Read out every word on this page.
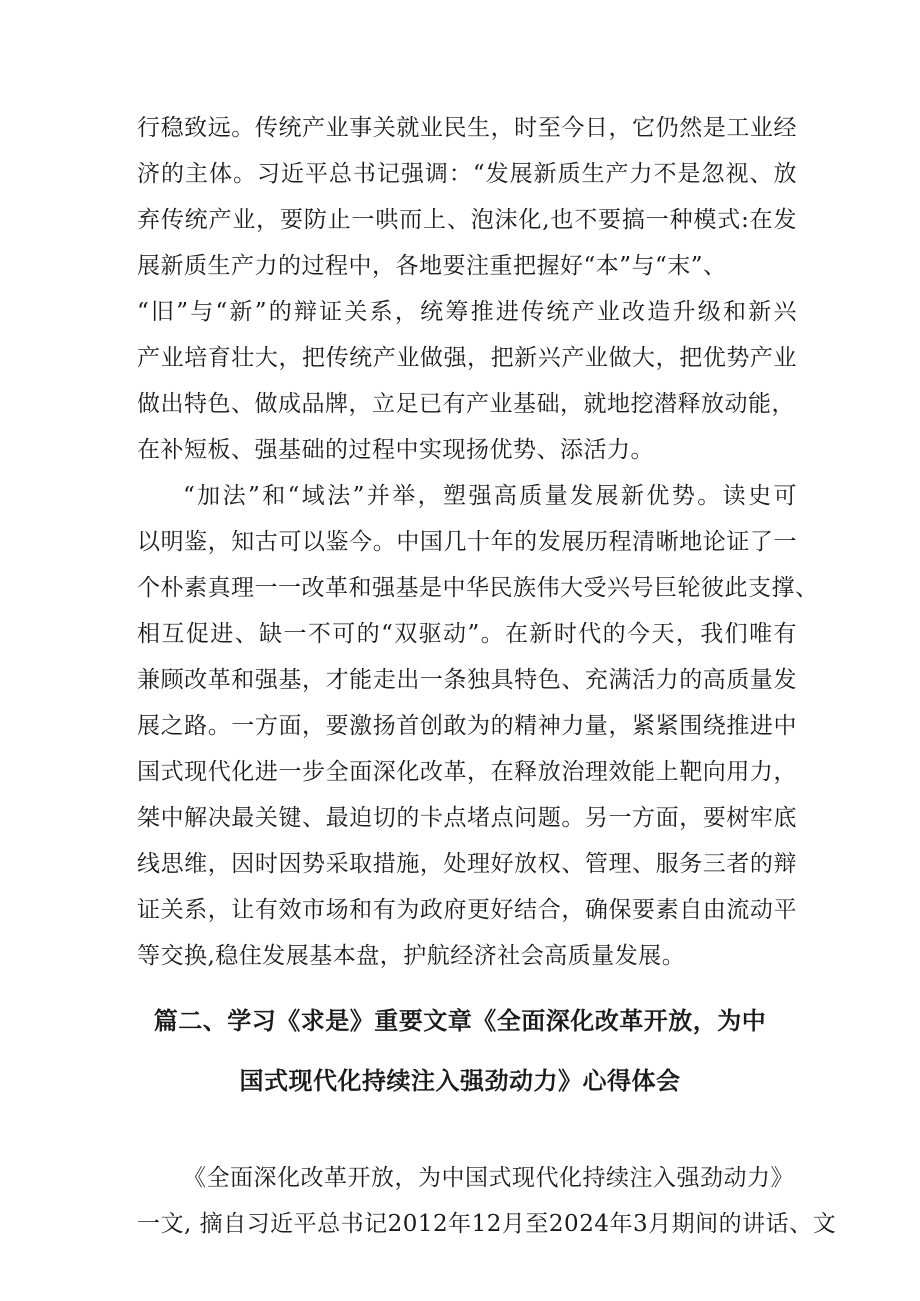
行稳致远。传统产业事关就业民生，时至今日，它仍然是工业经
济的主体。习近平总书记强调：“发展新质生产力不是忽视、放
弃传统产业，要防止一哄而上、泡沫化,也不要搞一种模式:在发
展新质生产力的过程中，各地要注重把握好“本”与“末”、
“旧”与“新”的辩证关系，统筹推进传统产业改造升级和新兴
产业培育壮大，把传统产业做强，把新兴产业做大，把优势产业
做出特色、做成品牌，立足已有产业基础，就地挖潜释放动能，
在补短板、强基础的过程中实现扬优势、添活力。
“加法”和“域法”并举，塑强高质量发展新优势。读史可
以明鉴，知古可以鉴今。中国几十年的发展历程清晰地论证了一
个朴素真理一一改革和强基是中华民族伟大受兴号巨轮彼此支撑、
相互促进、缺一不可的“双驱动”。在新时代的今天，我们唯有
兼顾改革和强基，才能走出一条独具特色、充满活力的高质量发
展之路。一方面，要激扬首创敢为的精神力量，紧紧围绕推进中
国式现代化进一步全面深化改革，在释放治理效能上靶向用力，
桀中解决最关键、最迫切的卡点堵点问题。另一方面，要树牢底
线思维，因时因势采取措施，处理好放权、管理、服务三者的辩
证关系，让有效市场和有为政府更好结合，确保要素自由流动平
等交换,稳住发展基本盘，护航经济社会高质量发展。
篇二、学习《求是》重要文章《全面深化改革开放，为中
国式现代化持续注入强劲动力》心得体会
《全面深化改革开放，为中国式现代化持续注入强劲动力》
一文, 摘自习近平总书记2012年12月至2024年3月期间的讲话、文
